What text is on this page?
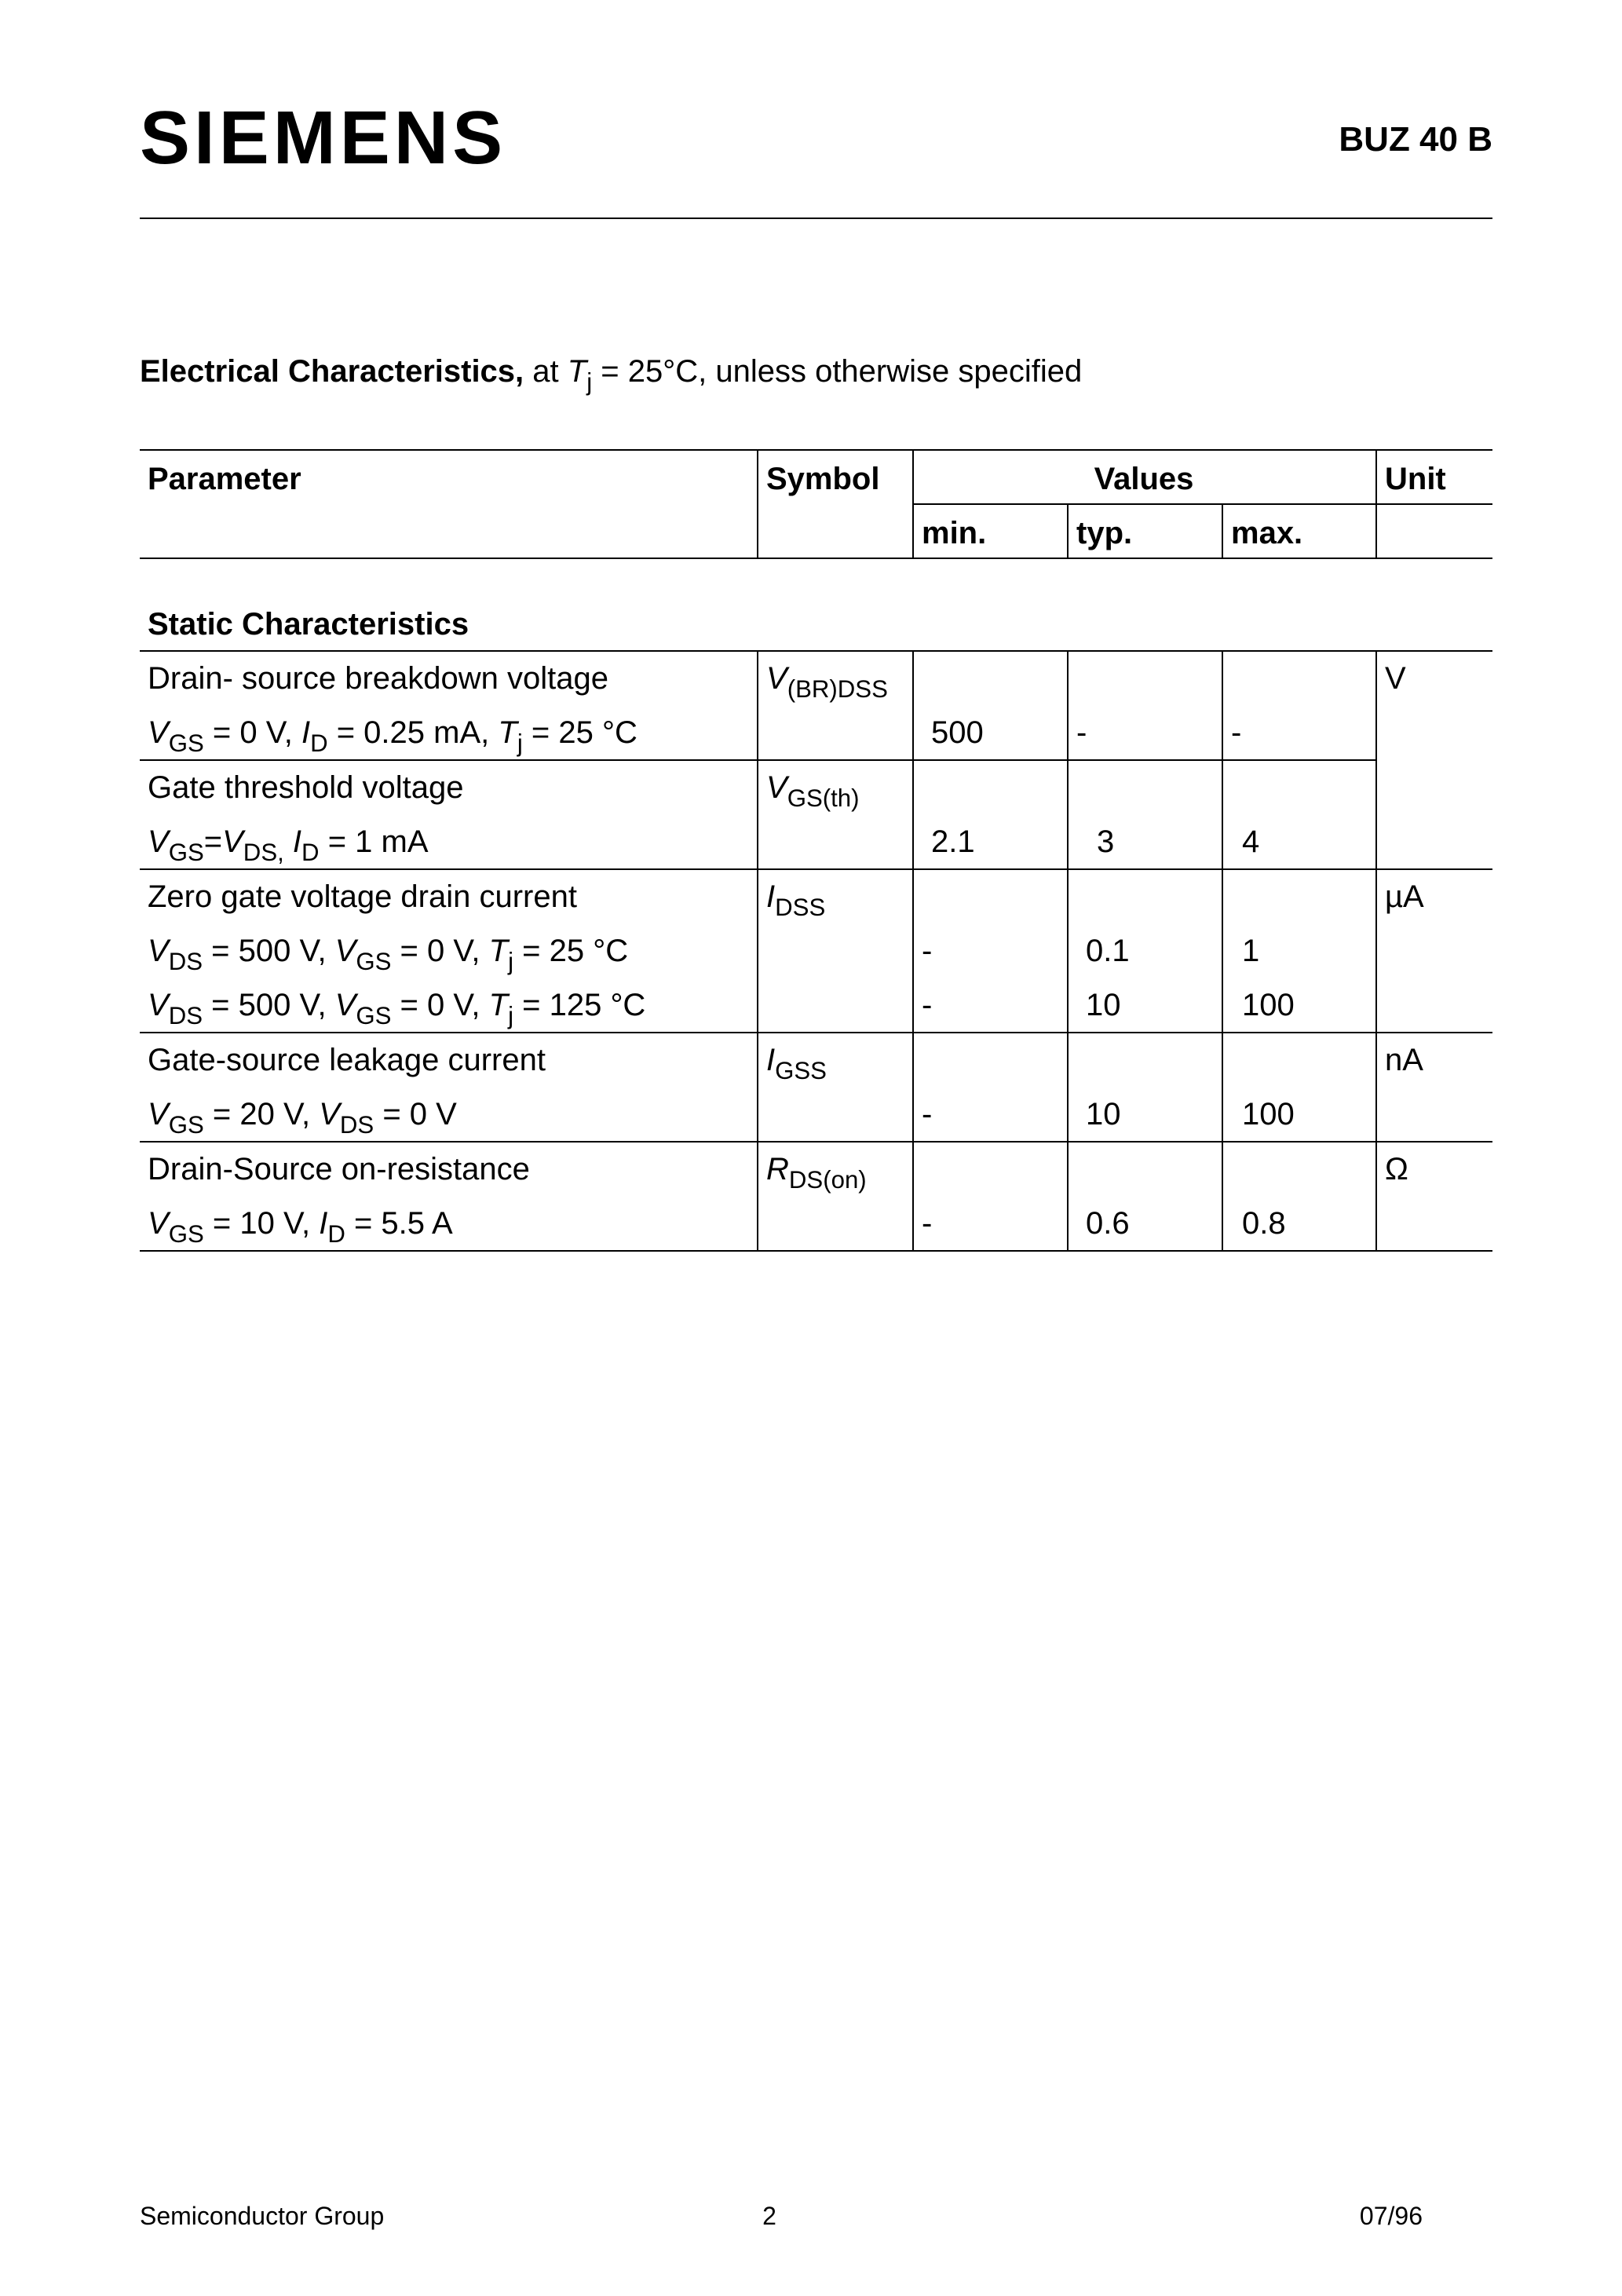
SIEMENS	BUZ 40 B
Electrical Characteristics, at $T_j = 25^\circ C$, unless otherwise specified
Parameter	Symbol	Values	Unit
min.	typ.	max.
Static Characteristics
Drain- source breakdown voltage	$V_{(BR)DSS}$	V
$V_{GS} = 0$ V, $I_D = 0.25$ mA, $T_j = 25$ °C	500	-	-
Gate threshold voltage	$V_{GS(th)}$
$V_{GS}=V_{DS,}$ $I_D = 1$ mA	2.1	3	4
Zero gate voltage drain current	$I_{DSS}$	µA
$V_{DS} = 500$ V, $V_{GS} = 0$ V, $T_j = 25$ °C	-	0.1	1
$V_{DS} = 500$ V, $V_{GS} = 0$ V, $T_j = 125$ °C	-	10	100
Gate-source leakage current	$I_{GSS}$	nA
$V_{GS} = 20$ V, $V_{DS} = 0$ V	-	10	100
Drain-Source on-resistance	$R_{DS(on)}$	Ω
$V_{GS} = 10$ V, $I_D = 5.5$ A	-	0.6	0.8
Semiconductor Group	2	07/96
